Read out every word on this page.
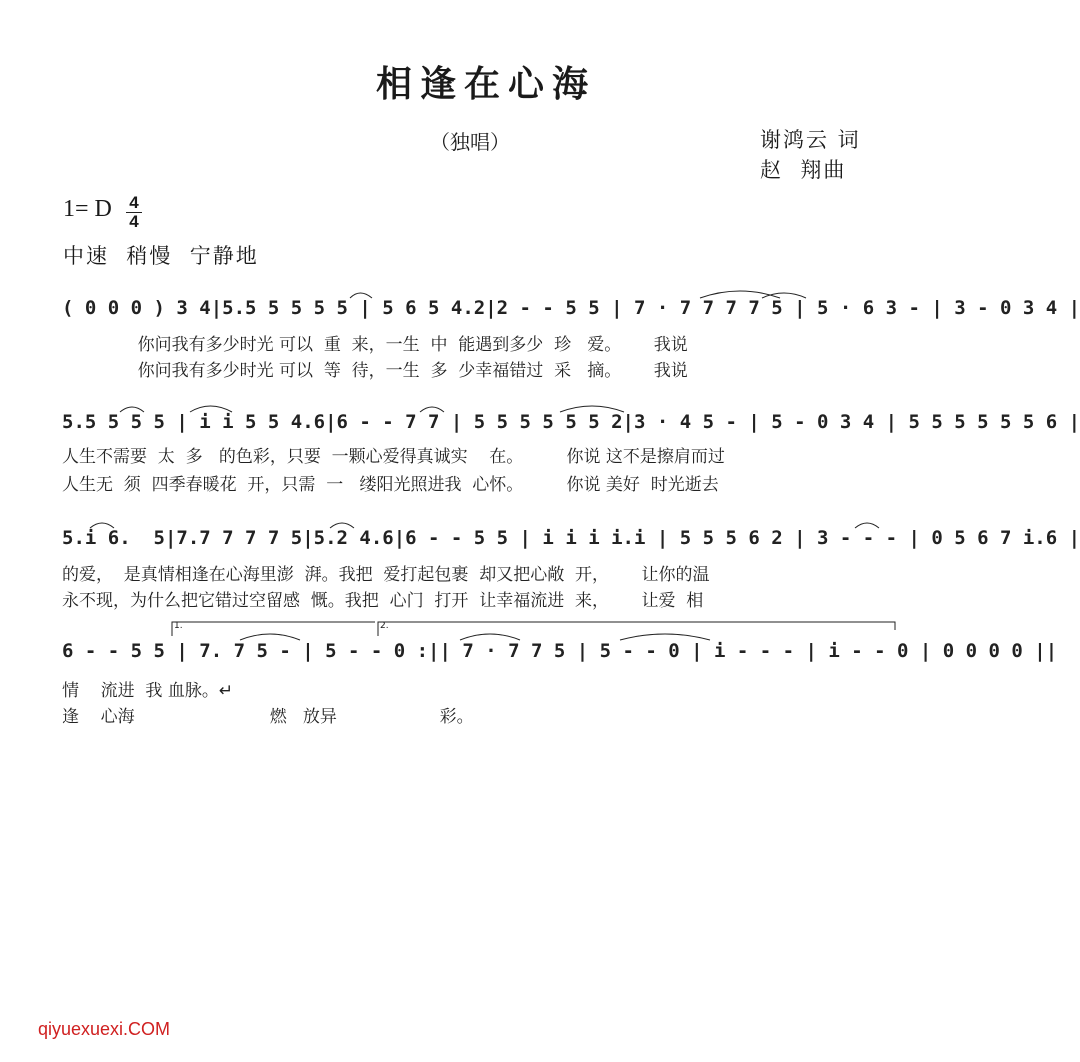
相逢在心海
（独唱）	谢鸿云 词
赵  翔曲
1= D 4
4
中速  稍慢  宁静地
( 0 0 0 ) 3 4|5.5 5 5 5 5 | 5 6 5 4.2|2 - - 5 5 | 7 · 7 7 7 7 5 | 5 · 6 3 - | 3 - 0 3 4 |
你问我有多少时光 可以  重  来，一生  中  能遇到多少  珍   爱。      我说
你问我有多少时光 可以  等  待，一生  多  少幸福错过  采   摘。      我说
5.5 5 5 5 | i i 5 5 4.6|6 - - 7 7 | 5 5 5 5 5 5 2|3 · 4 5 - | 5 - 0 3 4 | 5 5 5 5 5 5 6 |
人生不需要  太  多   的色彩，只要  一颗心爱得真诚实    在。        你说 这不是擦肩而过
人生无  须  四季春暖花  开，只需  一   缕阳光照进我  心怀。        你说 美好  时光逝去
5.i 6.  5|7.7 7 7 7 5|5.2 4.6|6 - - 5 5 | i i i i.i | 5 5 5 6 2 | 3 - - - | 0 5 6 7 i.6 |
的爱，  是真情相逢在心海里澎  湃。我把  爱打起包裹  却又把心敞  开，      让你的温
永不现，为什么把它错过空留感  慨。我把  心门  打开  让幸福流进  来，      让爱  相
6 - - 5 5 | 7. 7 5 - | 5 - - 0 :|| 7 · 7 7 5 | 5 - - 0 | i - - - | i - - 0 | 0 0 0 0 ||
情    流进  我 血脉。↵
逢    心海                         燃   放异                   彩。
1.	2.
qiyuexuexi.COM
